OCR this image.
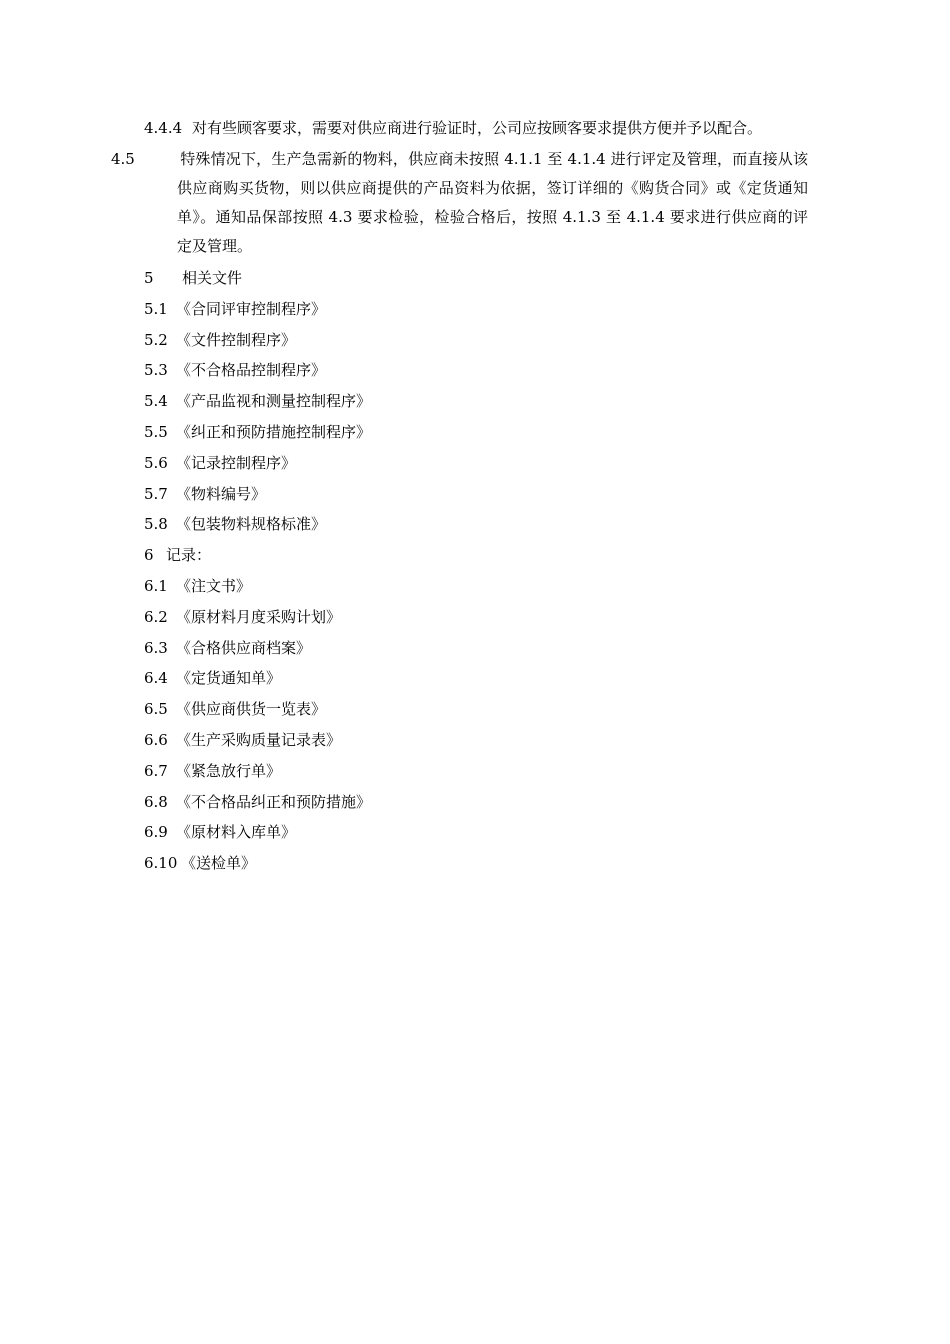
4.4.4 对有些顾客要求，需要对供应商进行验证时，公司应按顾客要求提供方便并予以配合。

4.5	特殊情况下，生产急需新的物料，供应商未按照 4.1.1 至 4.1.4 进行评定及管理，而直接从该供应商购买货物，则以供应商提供的产品资料为依据，签订详细的《购货合同》或《定货通知单》。通知品保部按照 4.3 要求检验，检验合格后，按照 4.1.3 至 4.1.4 要求进行供应商的评定及管理。

5 相关文件

5.1 《合同评审控制程序》

5.2 《文件控制程序》

5.3 《不合格品控制程序》

5.4 《产品监视和测量控制程序》

5.5 《纠正和预防措施控制程序》

5.6 《记录控制程序》

5.7 《物料编号》

5.8 《包装物料规格标准》

6 记录：

6.1 《注文书》

6.2 《原材料月度采购计划》

6.3 《合格供应商档案》

6.4 《定货通知单》

6.5 《供应商供货一览表》

6.6 《生产采购质量记录表》

6.7 《紧急放行单》

6.8 《不合格品纠正和预防措施》

6.9 《原材料入库单》

6.10 《送检单》
